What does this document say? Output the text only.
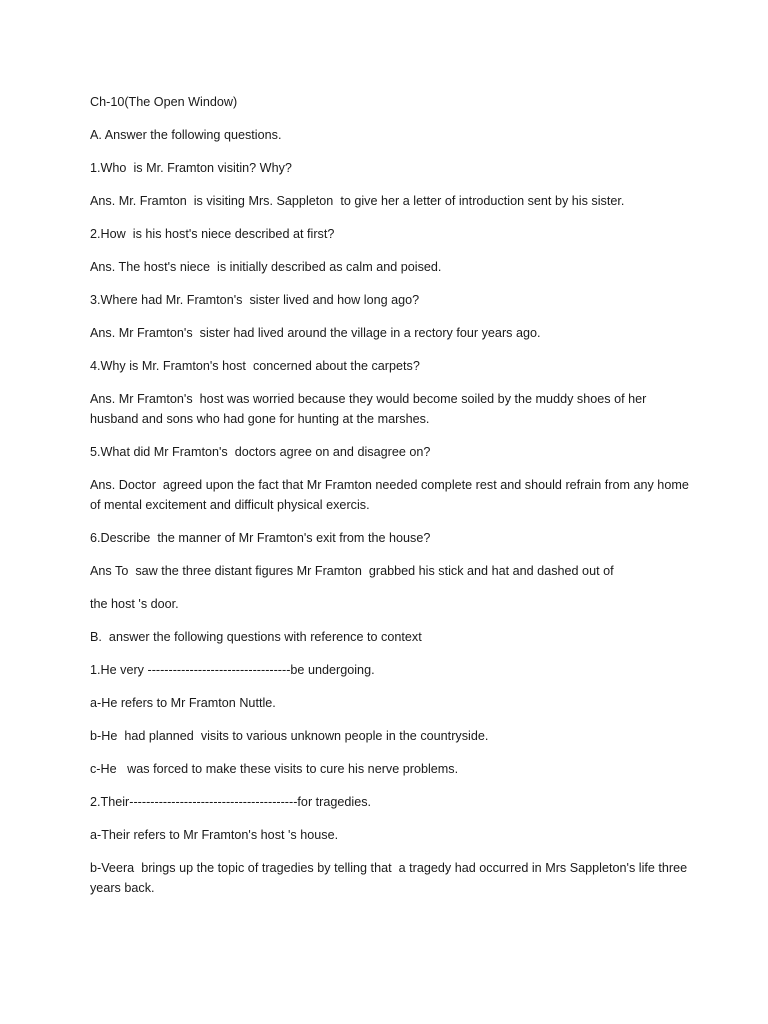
Ch-10(The Open Window)

A. Answer the following questions.

1.Who  is Mr. Framton visitin? Why?

Ans. Mr. Framton  is visiting Mrs. Sappleton  to give her a letter of introduction sent by his sister.

2.How  is his host's niece described at first?

Ans. The host's niece  is initially described as calm and poised.

3.Where had Mr. Framton's  sister lived and how long ago?

Ans. Mr Framton's  sister had lived around the village in a rectory four years ago.

4.Why is Mr. Framton's host  concerned about the carpets?

Ans. Mr Framton's  host was worried because they would become soiled by the muddy shoes of her husband and sons who had gone for hunting at the marshes.

5.What did Mr Framton's  doctors agree on and disagree on?

Ans. Doctor  agreed upon the fact that Mr Framton needed complete rest and should refrain from any home of mental excitement and difficult physical exercis.

6.Describe  the manner of Mr Framton's exit from the house?

Ans To  saw the three distant figures Mr Framton  grabbed his stick and hat and dashed out of

the host 's door.

B.  answer the following questions with reference to context

1.He very ----------------------------------be undergoing.

a-He refers to Mr Framton Nuttle.

b-He  had planned  visits to various unknown people in the countryside.

c-He   was forced to make these visits to cure his nerve problems.

2.Their----------------------------------------for tragedies.

a-Their refers to Mr Framton's host 's house.

b-Veera  brings up the topic of tragedies by telling that  a tragedy had occurred in Mrs Sappleton's life three years back.
